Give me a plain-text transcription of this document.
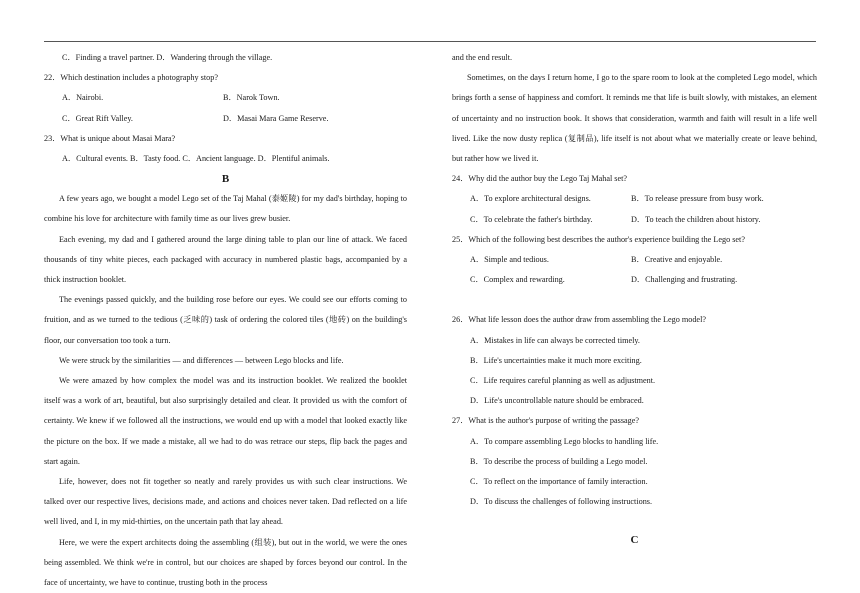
C．Finding a travel partner. D．Wandering through the village.
22．Which destination includes a photography stop?
A．Nairobi.	B．Narok Town.
C．Great Rift Valley.	D．Masai Mara Game Reserve.
23．What is unique about Masai Mara?
A．Cultural events. B．Tasty food. C．Ancient language. D．Plentiful animals.
B

A few years ago, we bought a model Lego set of the Taj Mahal (泰姬陵) for my dad's birthday, hoping to combine his love for architecture with family time as our lives grew busier.

Each evening, my dad and I gathered around the large dining table to plan our line of attack. We faced thousands of tiny white pieces, each packaged with accuracy in numbered plastic bags, accompanied by a thick instruction booklet.

The evenings passed quickly, and the building rose before our eyes. We could see our efforts coming to fruition, and as we turned to the tedious (乏味的) task of ordering the colored tiles (地砖) on the building's floor, our conversation too took a turn.

We were struck by the similarities — and differences — between Lego blocks and life.

We were amazed by how complex the model was and its instruction booklet. We realized the booklet itself was a work of art, beautiful, but also surprisingly detailed and clear. It provided us with the comfort of certainty. We knew if we followed all the instructions, we would end up with a model that looked exactly like the picture on the box. If we made a mistake, all we had to do was retrace our steps, flip back the pages and start again.

Life, however, does not fit together so neatly and rarely provides us with such clear instructions. We talked over our respective lives, decisions made, and actions and choices never taken. Dad reflected on a life well lived, and I, in my mid-thirties, on the uncertain path that lay ahead.

Here, we were the expert architects doing the assembling (组装), but out in the world, we were the ones being assembled. We think we're in control, but our choices are shaped by forces beyond our control. In the face of uncertainty, we have to continue, trusting both in the process

and the end result.

Sometimes, on the days I return home, I go to the spare room to look at the completed Lego model, which brings forth a sense of happiness and comfort. It reminds me that life is built slowly, with mistakes, an element of uncertainty and no instruction book. It shows that consideration, warmth and faith will result in a life well lived. Like the now dusty replica (复制品), life itself is not about what we materially create or leave behind, but rather how we lived it.

24．Why did the author buy the Lego Taj Mahal set?
A．To explore architectural designs.	B．To release pressure from busy work.
C．To celebrate the father's birthday.	D．To teach the children about history.
25．Which of the following best describes the author's experience building the Lego set?
A．Simple and tedious.	B．Creative and enjoyable.
C．Complex and rewarding.	D．Challenging and frustrating.
26．What life lesson does the author draw from assembling the Lego model?
A．Mistakes in life can always be corrected timely.
B．Life's uncertainties make it much more exciting.
C．Life requires careful planning as well as adjustment.
D．Life's uncontrollable nature should be embraced.
27．What is the author's purpose of writing the passage?
A．To compare assembling Lego blocks to handling life.
B．To describe the process of building a Lego model.
C．To reflect on the importance of family interaction.
D．To discuss the challenges of following instructions.
C
